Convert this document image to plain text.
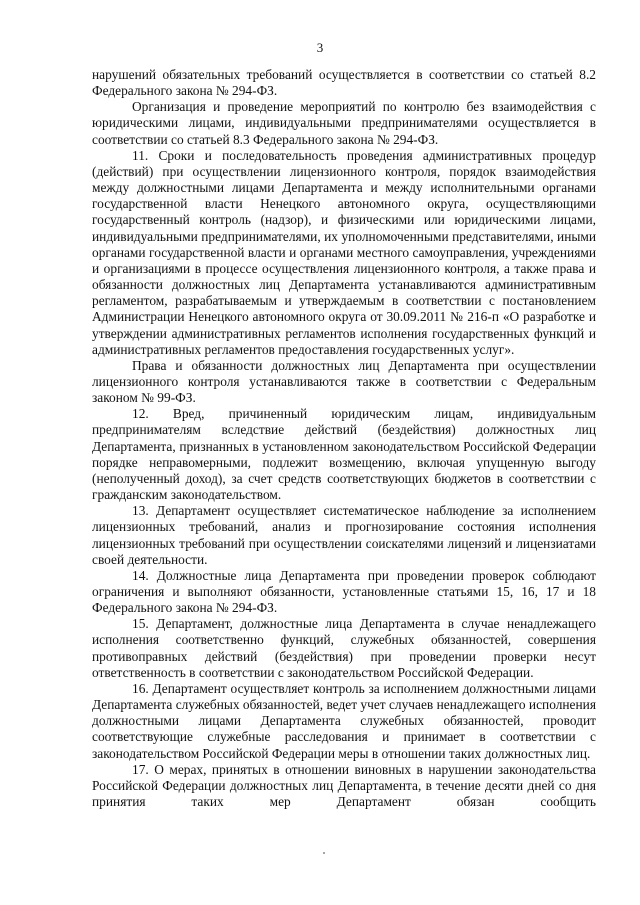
3

нарушений обязательных требований осуществляется в соответствии со статьей 8.2 Федерального закона № 294-ФЗ.

Организация и проведение мероприятий по контролю без взаимодействия с юридическими лицами, индивидуальными предпринимателями осуществляется в соответствии со статьей 8.3 Федерального закона № 294-ФЗ.

11. Сроки и последовательность проведения административных процедур (действий) при осуществлении лицензионного контроля, порядок взаимодействия между должностными лицами Департамента и между исполнительными органами государственной власти Ненецкого автономного округа, осуществляющими государственный контроль (надзор), и физическими или юридическими лицами, индивидуальными предпринимателями, их уполномоченными представителями, иными органами государственной власти и органами местного самоуправления, учреждениями и организациями в процессе осуществления лицензионного контроля, а также права и обязанности должностных лиц Департамента устанавливаются административным регламентом, разрабатываемым и утверждаемым в соответствии с постановлением Администрации Ненецкого автономного округа от 30.09.2011 № 216-п «О разработке и утверждении административных регламентов исполнения государственных функций и административных регламентов предоставления государственных услуг».

Права и обязанности должностных лиц Департамента при осуществлении лицензионного контроля устанавливаются также в соответствии с Федеральным законом № 99-ФЗ.

12. Вред, причиненный юридическим лицам, индивидуальным предпринимателям вследствие действий (бездействия) должностных лиц Департамента, признанных в установленном законодательством Российской Федерации порядке неправомерными, подлежит возмещению, включая упущенную выгоду (неполученный доход), за счет средств соответствующих бюджетов в соответствии с гражданским законодательством.

13. Департамент осуществляет систематическое наблюдение за исполнением лицензионных требований, анализ и прогнозирование состояния исполнения лицензионных требований при осуществлении соискателями лицензий и лицензиатами своей деятельности.

14. Должностные лица Департамента при проведении проверок соблюдают ограничения и выполняют обязанности, установленные статьями 15, 16, 17 и 18 Федерального закона № 294-ФЗ.

15. Департамент, должностные лица Департамента в случае ненадлежащего исполнения соответственно функций, служебных обязанностей, совершения противоправных действий (бездействия) при проведении проверки несут ответственность в соответствии с законодательством Российской Федерации.

16. Департамент осуществляет контроль за исполнением должностными лицами Департамента служебных обязанностей, ведет учет случаев ненадлежащего исполнения должностными лицами Департамента служебных обязанностей, проводит соответствующие служебные расследования и принимает в соответствии с законодательством Российской Федерации меры в отношении таких должностных лиц.

17. О мерах, принятых в отношении виновных в нарушении законодательства Российской Федерации должностных лиц Департамента, в течение десяти дней со дня принятия таких мер Департамент обязан сообщить
